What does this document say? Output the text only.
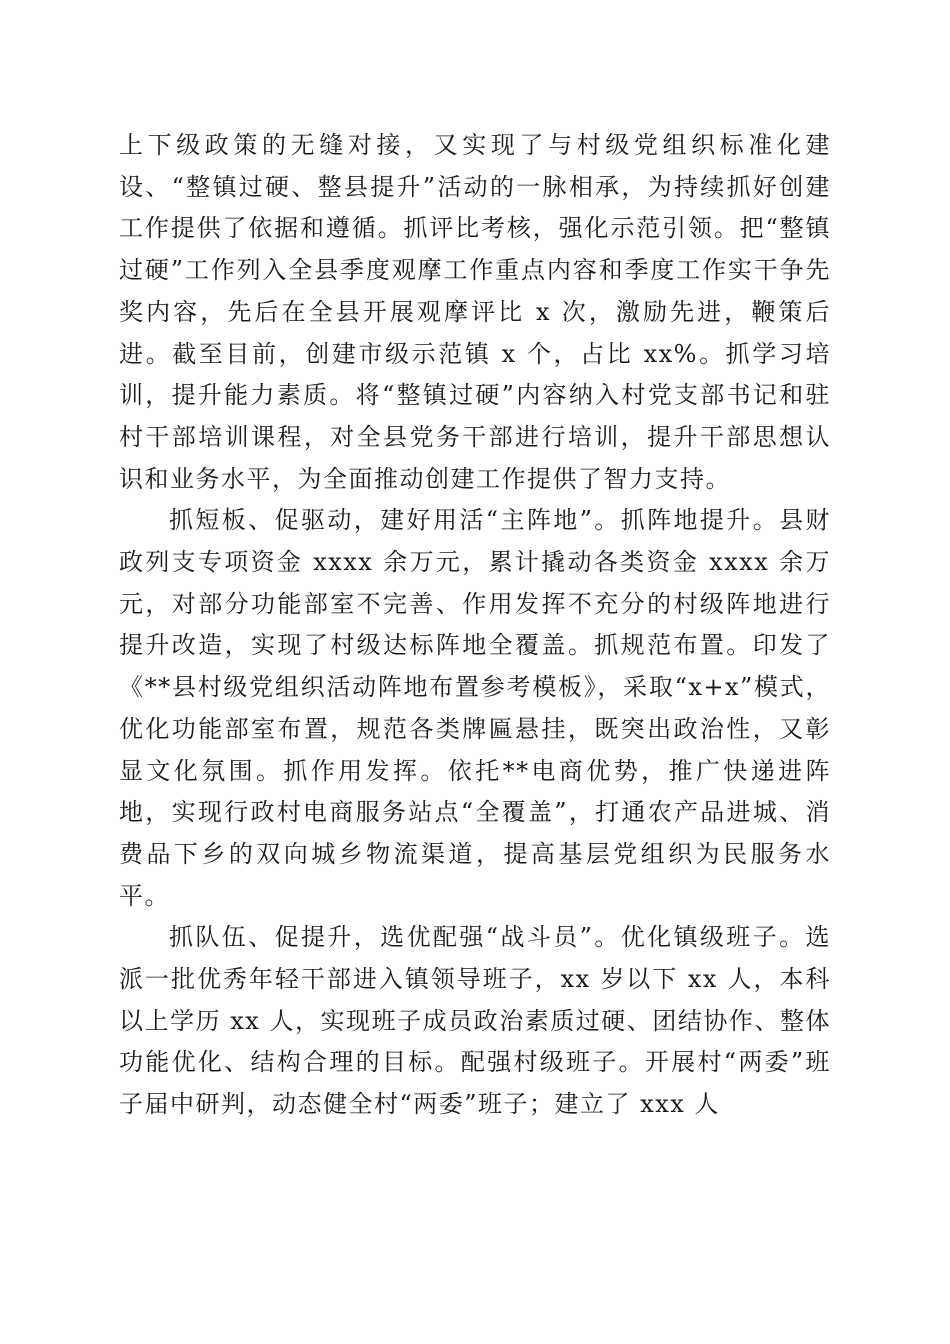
上下级政策的无缝对接，又实现了与村级党组织标准化建设、“整镇过硬、整县提升”活动的一脉相承，为持续抓好创建工作提供了依据和遵循。抓评比考核，强化示范引领。把“整镇过硬”工作列入全县季度观摩工作重点内容和季度工作实干争先奖内容，先后在全县开展观摩评比 x 次，激励先进，鞭策后进。截至目前，创建市级示范镇 x 个，占比 xx%。抓学习培训，提升能力素质。将“整镇过硬”内容纳入村党支部书记和驻村干部培训课程，对全县党务干部进行培训，提升干部思想认识和业务水平，为全面推动创建工作提供了智力支持。

抓短板、促驱动，建好用活“主阵地”。抓阵地提升。县财政列支专项资金 xxxx 余万元，累计撬动各类资金 xxxx 余万元，对部分功能部室不完善、作用发挥不充分的村级阵地进行提升改造，实现了村级达标阵地全覆盖。抓规范布置。印发了《**县村级党组织活动阵地布置参考模板》，采取“x+x”模式，优化功能部室布置，规范各类牌匾悬挂，既突出政治性，又彰显文化氛围。抓作用发挥。依托**电商优势，推广快递进阵地，实现行政村电商服务站点“全覆盖”，打通农产品进城、消费品下乡的双向城乡物流渠道，提高基层党组织为民服务水平。

抓队伍、促提升，选优配强“战斗员”。优化镇级班子。选派一批优秀年轻干部进入镇领导班子，xx 岁以下 xx 人，本科以上学历 xx 人，实现班子成员政治素质过硬、团结协作、整体功能优化、结构合理的目标。配强村级班子。开展村“两委”班子届中研判，动态健全村“两委”班子；建立了 xxx 人
